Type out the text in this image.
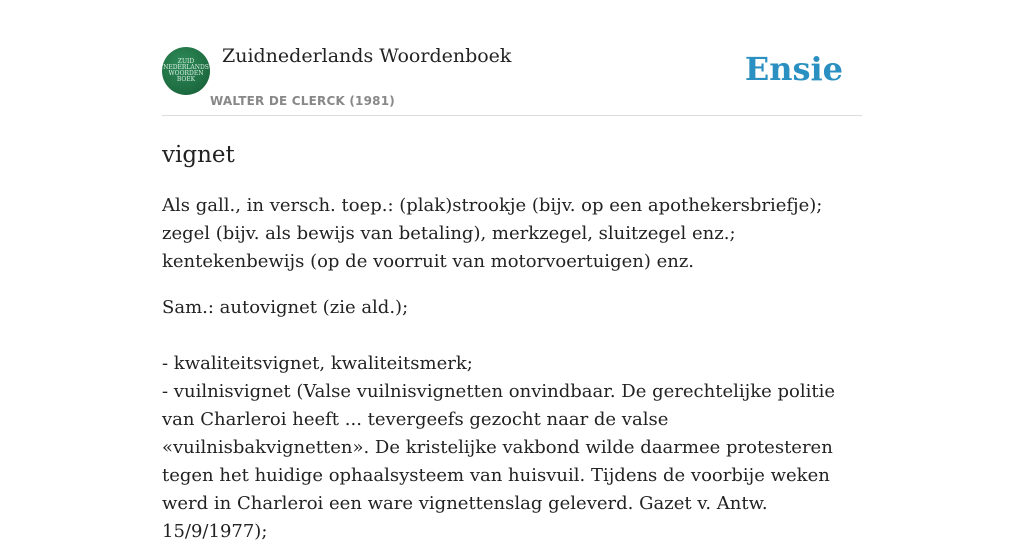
ZUID
NEDERLANDS
WOORDEN
BOEK
Zuidnederlands Woordenboek
WALTER DE CLERCK (1981)
Ensie
vignet

Als gall., in versch. toep.: (plak)strookje (bijv. op een apothekersbriefje); zegel (bijv. als bewijs van betaling), merkzegel, sluitzegel enz.; kentekenbewijs (op de voorruit van motorvoertuigen) enz.

Sam.: autovignet (zie ald.);
- kwaliteitsvignet, kwaliteitsmerk;
- vuilnisvignet (Valse vuilnisvignetten onvindbaar. De gerechtelijke politie van Charleroi heeft ... tevergeefs gezocht naar de valse «vuilnisbakvignetten». De kristelijke vakbond wilde daarmee protesteren tegen het huidige ophaalsysteem van huisvuil. Tijdens de voorbije weken werd in Charleroi een ware vignettenslag geleverd. Gazet v. Antw. 15/9/1977);
